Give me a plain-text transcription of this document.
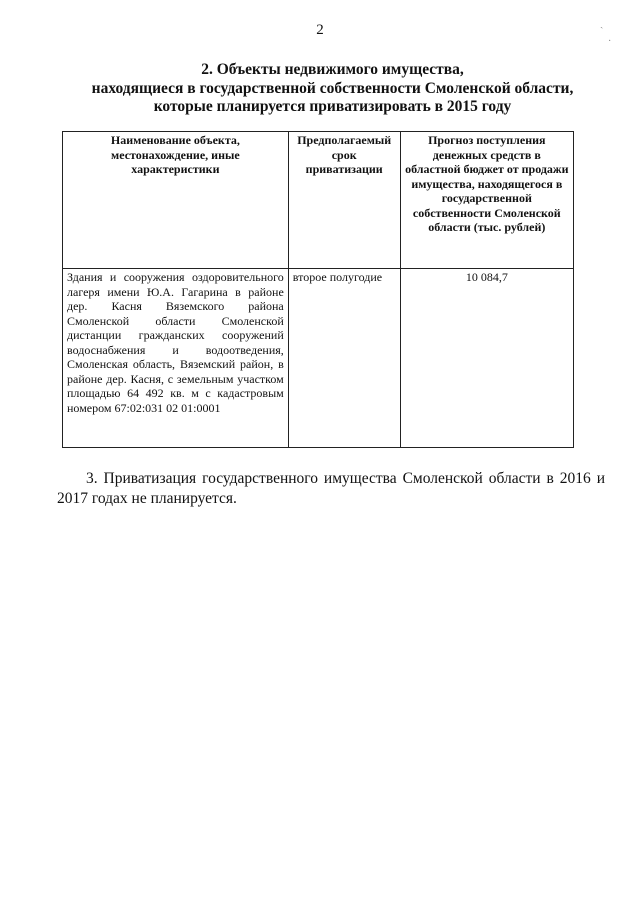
2
2. Объекты недвижимого имущества,
находящиеся в государственной собственности Смоленской области,
которые планируется приватизировать в 2015 году
Наименование объекта, местонахождение, иные характеристики	Предполагаемый срок приватизации	Прогноз поступления денежных средств в областной бюджет от продажи имущества, находящегося в государственной собственности Смоленской области (тыс. рублей)
Здания и сооружения оздоровительного лагеря имени Ю.А. Гагарина в районе дер. Касня Вяземского района Смоленской области Смоленской дистанции гражданских сооружений водоснабжения и водоотведения, Смоленская область, Вяземский район, в районе дер. Касня, с земельным участком площадью 64 492 кв. м с кадастровым номером 67:02:031 02 01:0001	второе полугодие	10 084,7
3. Приватизация государственного имущества Смоленской области в 2016 и 2017 годах не планируется.
ˎ
·
